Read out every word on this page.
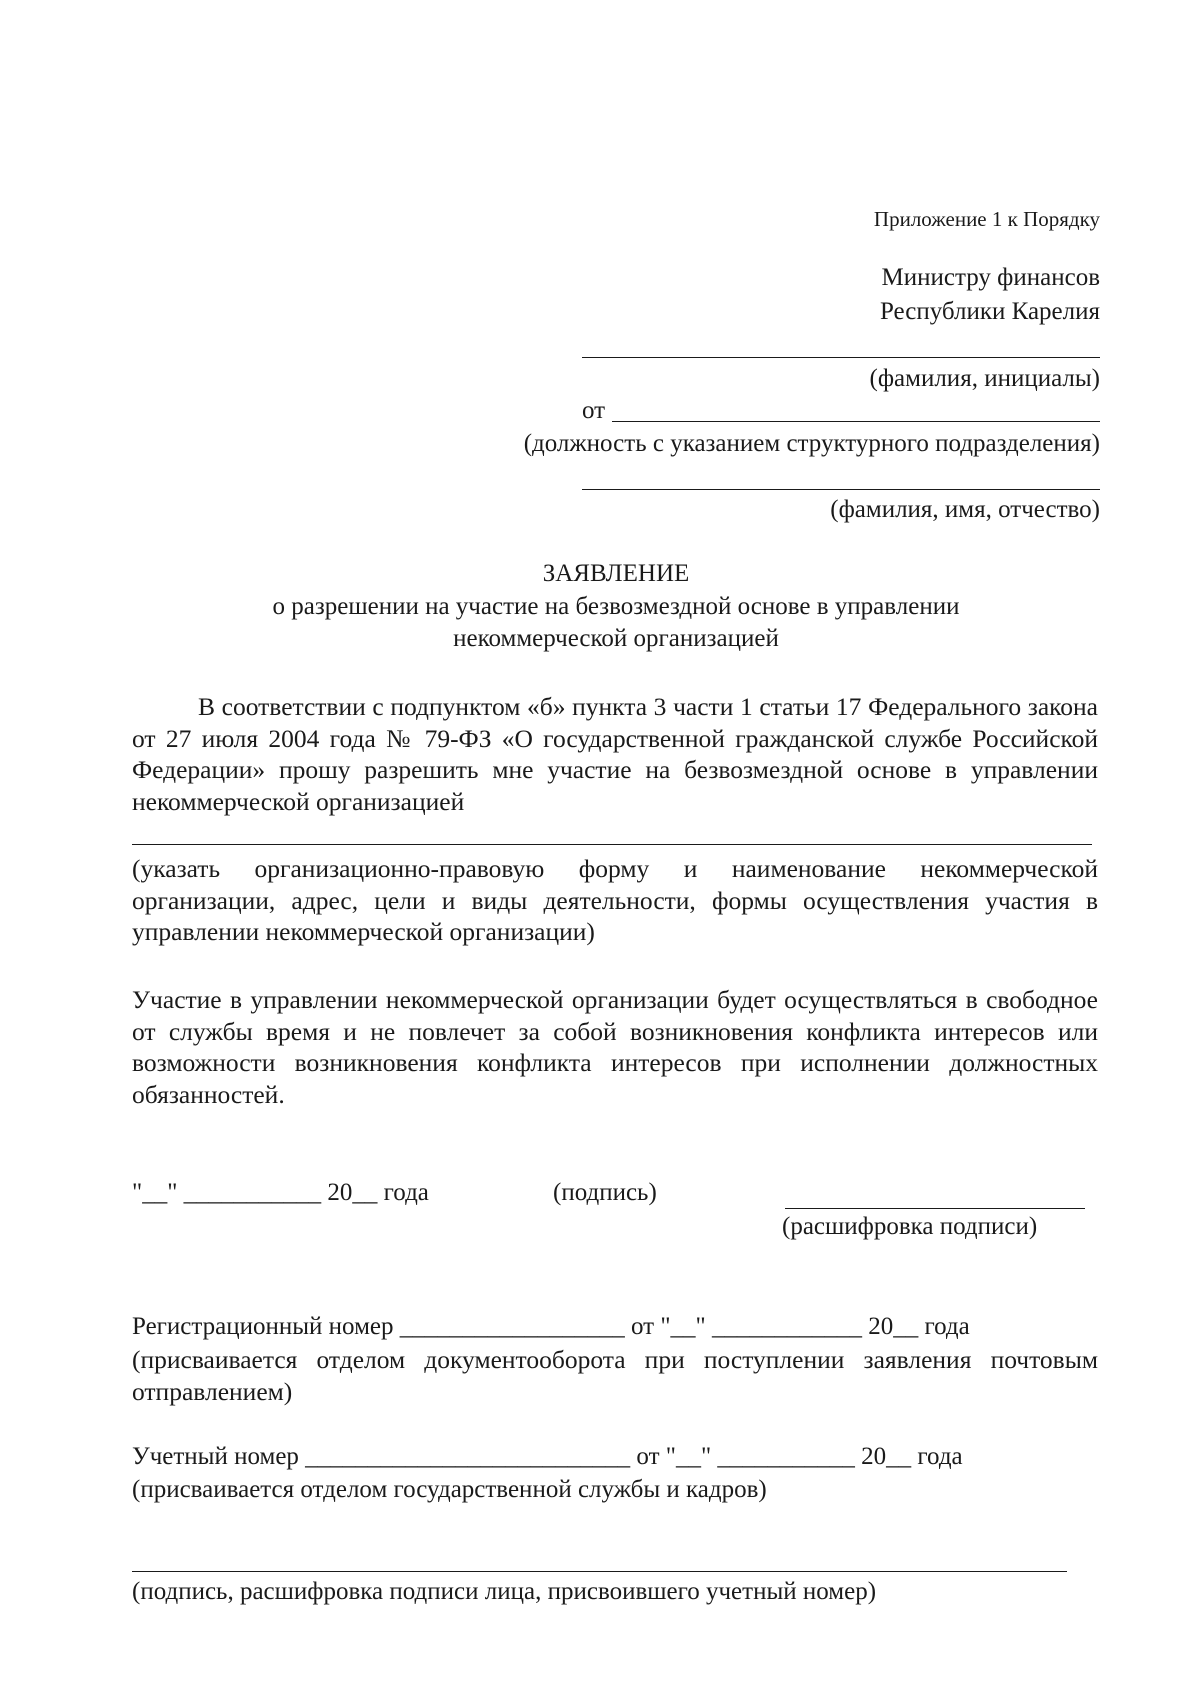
Приложение 1 к Порядку
Министру финансов
Республики Карелия
(фамилия, инициалы)
от
(должность с указанием структурного подразделения)
(фамилия, имя, отчество)
ЗАЯВЛЕНИЕ
о разрешении на участие на безвозмездной основе в управлении
некоммерческой организацией
В соответствии с подпунктом «б» пункта 3 части 1 статьи 17 Федерального закона от 27 июля 2004 года № 79-ФЗ «О государственной гражданской службе Российской Федерации» прошу разрешить мне участие на безвозмездной основе в управлении некоммерческой организацией
(указать организационно-правовую форму и наименование некоммерческой организации, адрес, цели и виды деятельности, формы осуществления участия в управлении некоммерческой организации)
Участие в управлении некоммерческой организации будет осуществляться в свободное от службы время и не повлечет за собой возникновения конфликта интересов или возможности возникновения конфликта интересов при исполнении должностных обязанностей.
"__" ___________ 20__ года	(подпись)
(расшифровка подписи)
Регистрационный номер __________________ от "__" ____________ 20__ года
(присваивается отделом документооборота при поступлении заявления почтовым отправлением)
Учетный номер __________________________ от "__" ___________ 20__ года
(присваивается отделом государственной службы и кадров)
(подпись, расшифровка подписи лица, присвоившего учетный номер)
